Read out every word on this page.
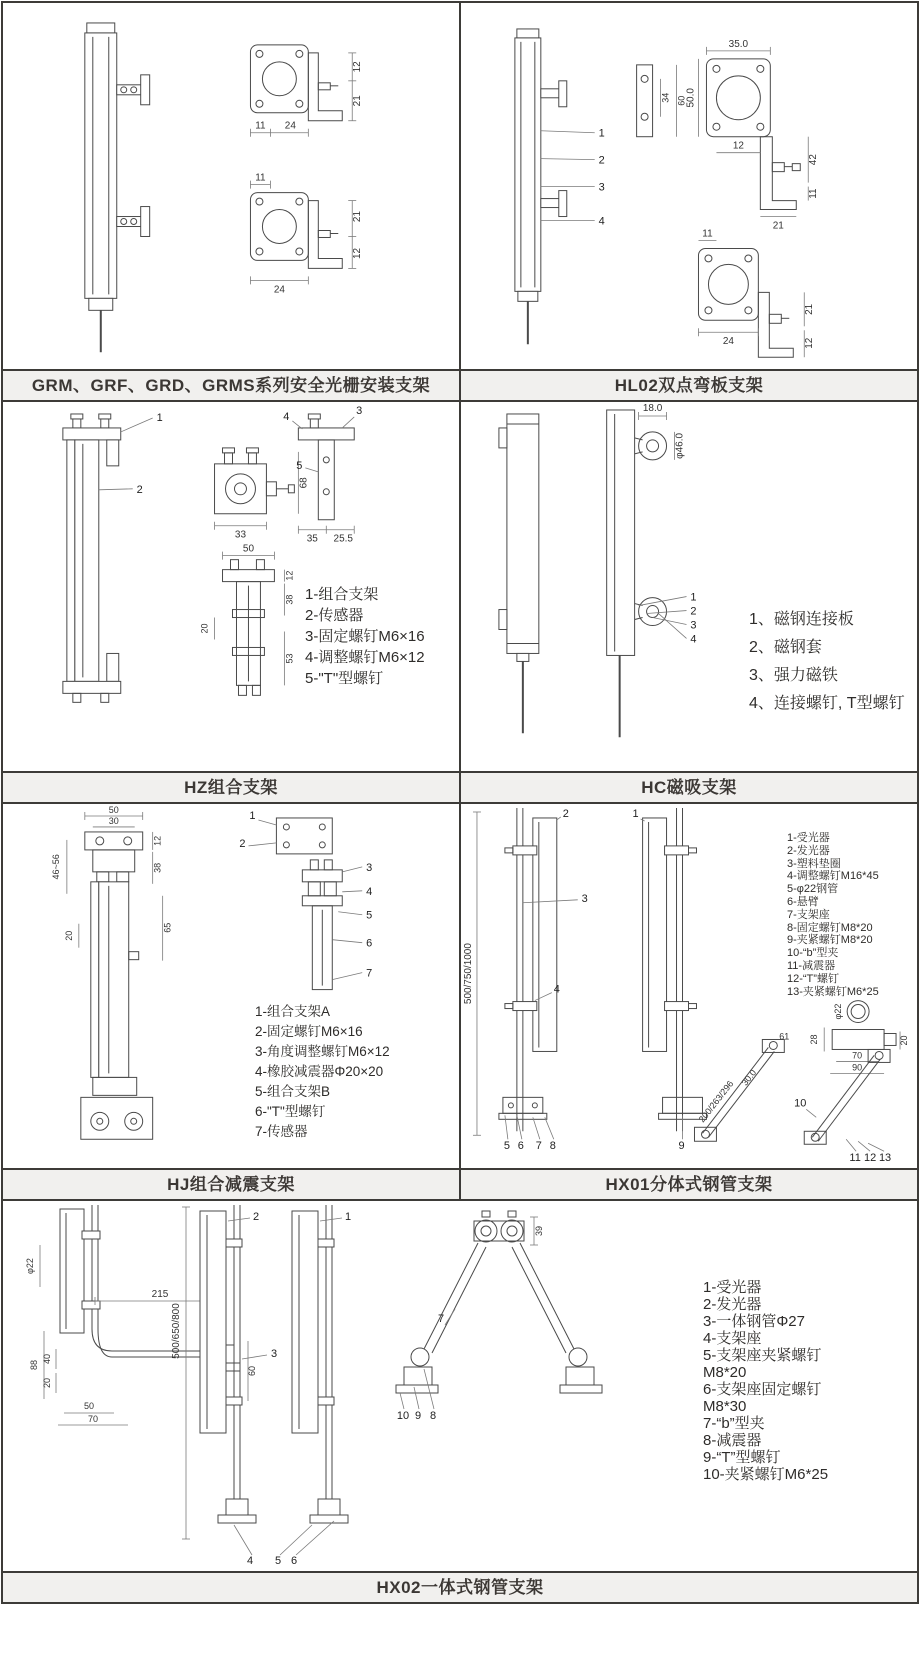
12
21
11 24
11
21
12
24
GRM、GRF、GRD、GRMS系列安全光栅安装支架
1
2
3
4
34 60
35.0
50.0
12
42
11
21
11
24
21
12
HL02双点弯板支架
1
2
33
68
4	3
5
35 25.5
50
12
38
20
53
1-组合支架
2-传感器
3-固定螺钉M6×16
4-调整螺钉M6×12
5-"T"型螺钉
HZ组合支架
18.0
φ46.0
1
2
3
4
1、磁钢连接板
2、磁钢套
3、强力磁铁
4、连接螺钉, T型螺钉
HC磁吸支架
50
30
12
38
46~56
20
65
1
2
3
4
5
6
7
1-组合支架A
2-固定螺钉M6×16
3-角度调整螺钉M6×12
4-橡胶减震器Φ20×20
5-组合支架B
6-"T"型螺钉
7-传感器
HJ组合减震支架
500/750/1000
2	1
3
4
5 6 7 8	9
φ22
28	20
70
90
200/263/296
30.0
61
10
11 12 13
1-受光器
2-发光器
3-塑料垫圈
4-调整螺钉M16*45
5-φ22钢管
6-悬臂
7-支架座
8-固定螺钉M8*20
9-夹紧螺钉M8*20
10-“b”型夹
11-减震器
12-“T”螺钉
13-夹紧螺钉M6*25
HX01分体式钢管支架
φ22
215
88
40
20
50
70
60
500/650/800
2	1
3
4 5 6
39
7
10 9 8
1-受光器
2-发光器
3-一体钢管Φ27
4-支架座
5-支架座夹紧螺钉
M8*20
6-支架座固定螺钉
M8*30
7-“b”型夹
8-减震器
9-“T”型螺钉
10-夹紧螺钉M6*25
HX02一体式钢管支架
